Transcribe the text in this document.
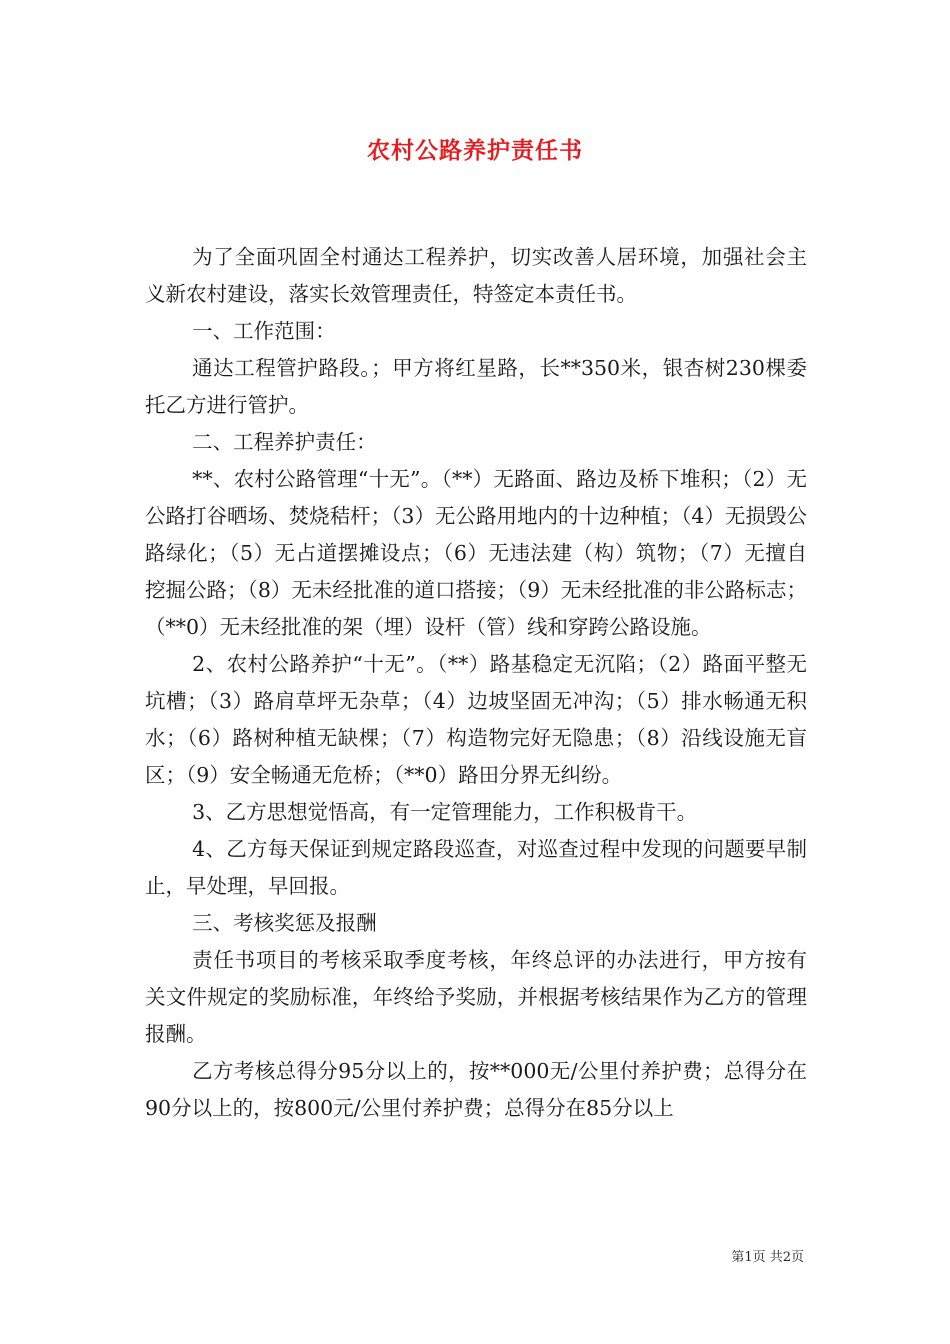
农村公路养护责任书

为了全面巩固全村通达工程养护，切实改善人居环境，加强社会主义新农村建设，落实长效管理责任，特签定本责任书。

一、工作范围：

通达工程管护路段。；甲方将红星路，长**350米，银杏树230棵委托乙方进行管护。

二、工程养护责任：

**、农村公路管理“十无”。（**）无路面、路边及桥下堆积；（2）无公路打谷晒场、焚烧秸杆；（3）无公路用地内的十边种植；（4）无损毁公路绿化；（5）无占道摆摊设点；（6）无违法建（构）筑物；（7）无擅自挖掘公路；（8）无未经批准的道口搭接；（9）无未经批准的非公路标志；（**0）无未经批准的架（埋）设杆（管）线和穿跨公路设施。

2、农村公路养护“十无”。（**）路基稳定无沉陷；（2）路面平整无坑槽；（3）路肩草坪无杂草；（4）边坡坚固无冲沟；（5）排水畅通无积水；（6）路树种植无缺棵；（7）构造物完好无隐患；（8）沿线设施无盲区；（9）安全畅通无危桥；（**0）路田分界无纠纷。

3、乙方思想觉悟高，有一定管理能力，工作积极肯干。

4、乙方每天保证到规定路段巡查，对巡查过程中发现的问题要早制止，早处理，早回报。

三、考核奖惩及报酬

责任书项目的考核采取季度考核，年终总评的办法进行，甲方按有关文件规定的奖励标准，年终给予奖励，并根据考核结果作为乙方的管理报酬。

乙方考核总得分95分以上的，按**000无/公里付养护费；总得分在90分以上的，按800元/公里付养护费；总得分在85分以上

第1页 共2页
